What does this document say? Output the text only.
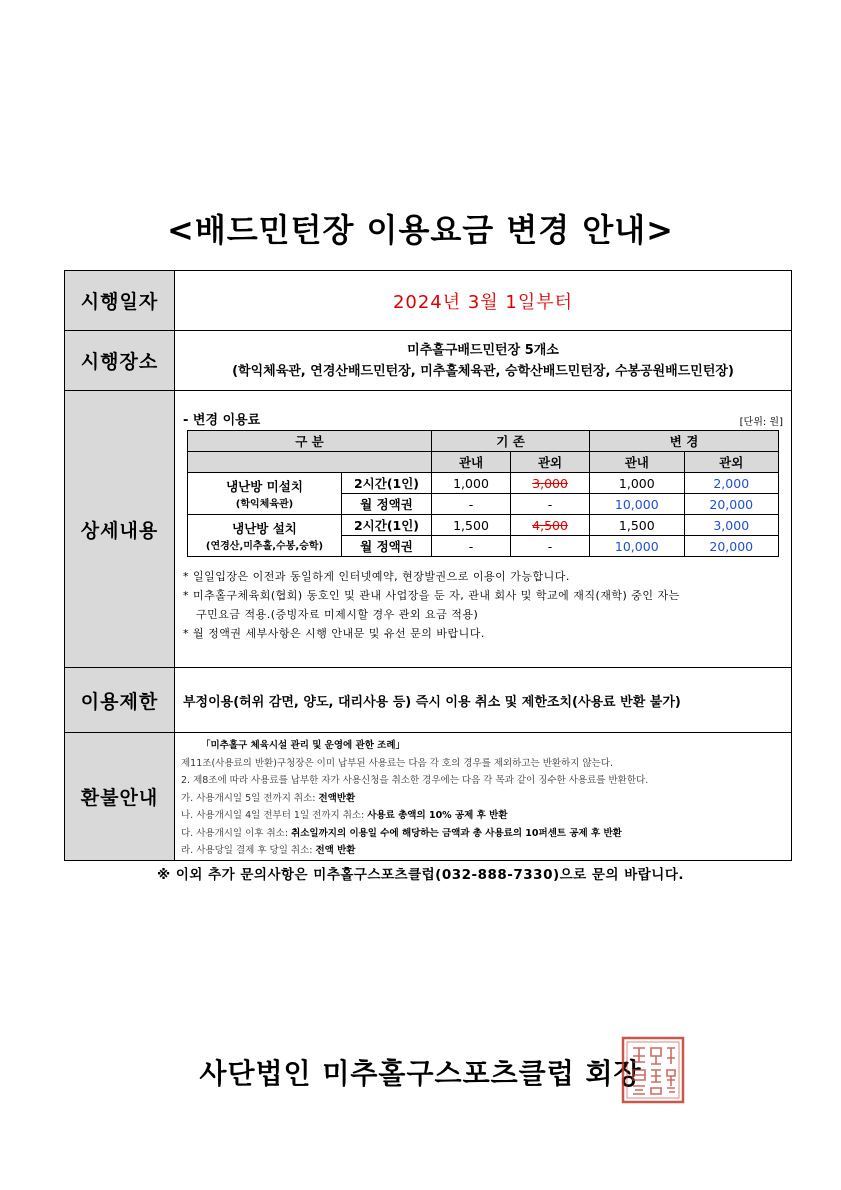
<배드민턴장 이용요금 변경 안내>
시행일자	2024년 3월 1일부터
시행장소	
미추홀구배드민턴장 5개소
(학익체육관, 연경산배드민턴장, 미추홀체육관, 승학산배드민턴장, 수봉공원배드민턴장)

상세내용	
- 변경 이용료	[단위: 원]
구 분	기 존	변 경
	관내	관외	관내	관외

냉난방 미설치
(학익체육관)	2시간(1인)	1,000	3,000	1,000	2,000
월 정액권	-	-	10,000	20,000

냉난방 설치
(연경산,미추홀,수봉,승학)	2시간(1인)	1,500	4,500	1,500	3,000
월 정액권	-	-	10,000	20,000
* 일일입장은 이전과 동일하게 인터넷예약, 현장발권으로 이용이 가능합니다.
* 미추홀구체육회(협회) 동호인 및 관내 사업장을 둔 자, 관내 회사 및 학교에 재직(재학) 중인 자는
구민요금 적용.(증빙자료 미제시할 경우 관외 요금 적용)
* 월 정액권 세부사항은 시행 안내문 및 유선 문의 바랍니다.

이용제한	부정이용(허위 감면, 양도, 대리사용 등) 즉시 이용 취소 및 제한조치(사용료 반환 불가)
환불안내	
「미추홀구 체육시설 관리 및 운영에 관한 조례」
제11조(사용료의 반환)구청장은 이미 납부된 사용료는 다음 각 호의 경우를 제외하고는 반환하지 않는다.
2. 제8조에 따라 사용료를 납부한 자가 사용신청을 취소한 경우에는 다음 각 목과 같이 징수한 사용료를 반환한다.
가. 사용개시일 5일 전까지 취소: 전액반환
나. 사용개시일 4일 전부터 1일 전까지 취소: 사용료 총액의 10% 공제 후 반환
다. 사용개시일 이후 취소: 취소일까지의 이용일 수에 해당하는 금액과 총 사용료의 10퍼센트 공제 후 반환
라. 사용당일 결제 후 당일 취소: 전액 반환
※ 이외 추가 문의사항은 미추홀구스포츠클럽(032-888-7330)으로 문의 바랍니다.
사단법인 미추홀구스포츠클럽 회장
